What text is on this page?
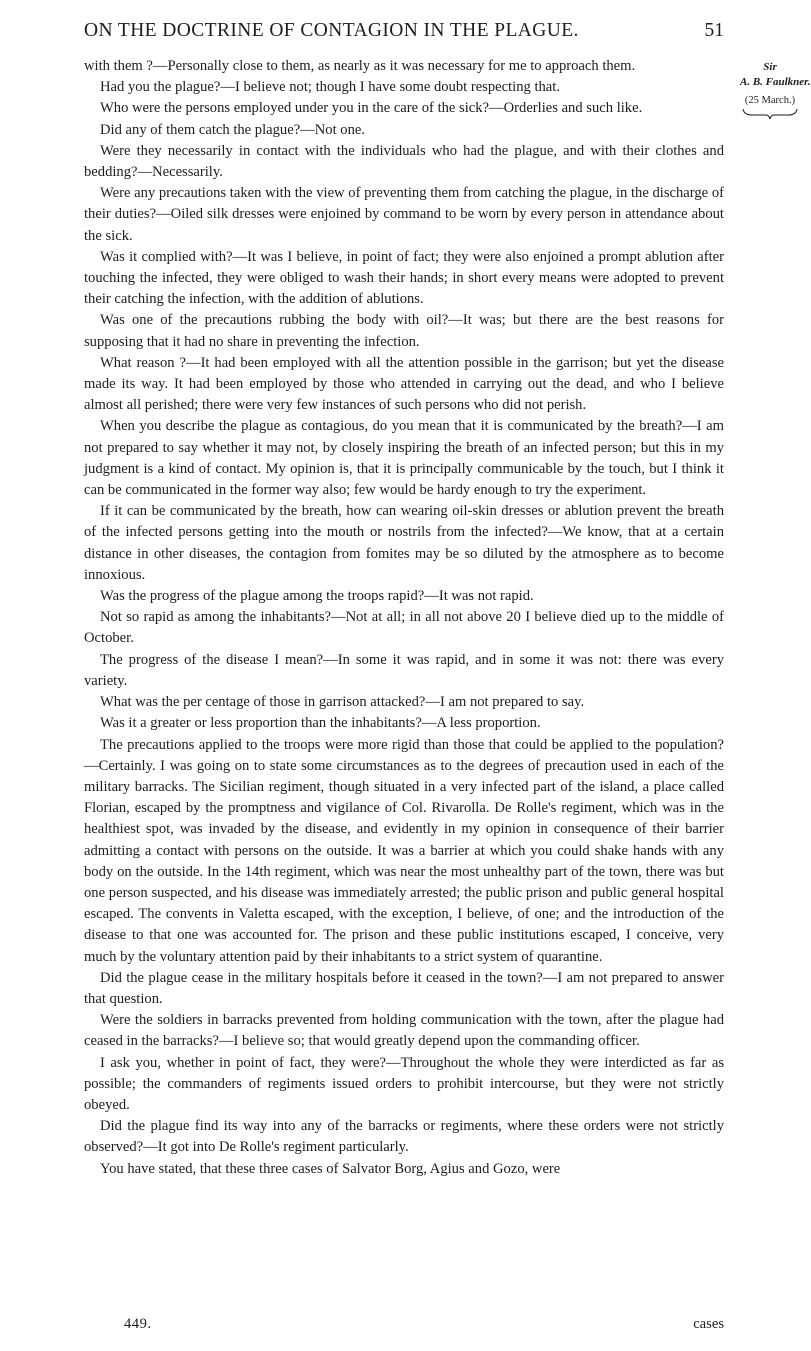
ON THE DOCTRINE OF CONTAGION IN THE PLAGUE.	51
Sir
A. B. Faulkner.
(25 March.)

with them ?—Personally close to them, as nearly as it was necessary for me to approach them.

Had you the plague?—I believe not; though I have some doubt respecting that.

Who were the persons employed under you in the care of the sick?—Orderlies and such like.

Did any of them catch the plague?—Not one.

Were they necessarily in contact with the individuals who had the plague, and with their clothes and bedding?—Necessarily.

Were any precautions taken with the view of preventing them from catching the plague, in the discharge of their duties?—Oiled silk dresses were enjoined by command to be worn by every person in attendance about the sick.

Was it complied with?—It was I believe, in point of fact; they were also enjoined a prompt ablution after touching the infected, they were obliged to wash their hands; in short every means were adopted to prevent their catching the infection, with the addition of ablutions.

Was one of the precautions rubbing the body with oil?—It was; but there are the best reasons for supposing that it had no share in preventing the infection.

What reason ?—It had been employed with all the attention possible in the garrison; but yet the disease made its way. It had been employed by those who attended in carrying out the dead, and who I believe almost all perished; there were very few instances of such persons who did not perish.

When you describe the plague as contagious, do you mean that it is communicated by the breath?—I am not prepared to say whether it may not, by closely inspiring the breath of an infected person; but this in my judgment is a kind of contact. My opinion is, that it is principally communicable by the touch, but I think it can be communicated in the former way also; few would be hardy enough to try the experiment.

If it can be communicated by the breath, how can wearing oil-skin dresses or ablution prevent the breath of the infected persons getting into the mouth or nostrils from the infected?—We know, that at a certain distance in other diseases, the contagion from fomites may be so diluted by the atmosphere as to become innoxious.

Was the progress of the plague among the troops rapid?—It was not rapid.

Not so rapid as among the inhabitants?—Not at all; in all not above 20 I believe died up to the middle of October.

The progress of the disease I mean?—In some it was rapid, and in some it was not: there was every variety.

What was the per centage of those in garrison attacked?—I am not prepared to say.

Was it a greater or less proportion than the inhabitants?—A less proportion.

The precautions applied to the troops were more rigid than those that could be applied to the population?—Certainly. I was going on to state some circumstances as to the degrees of precaution used in each of the military barracks. The Sicilian regiment, though situated in a very infected part of the island, a place called Florian, escaped by the promptness and vigilance of Col. Rivarolla. De Rolle's regiment, which was in the healthiest spot, was invaded by the disease, and evidently in my opinion in consequence of their barrier admitting a contact with persons on the outside. It was a barrier at which you could shake hands with any body on the outside. In the 14th regiment, which was near the most unhealthy part of the town, there was but one person suspected, and his disease was immediately arrested; the public prison and public general hospital escaped. The convents in Valetta escaped, with the exception, I believe, of one; and the introduction of the disease to that one was accounted for. The prison and these public institutions escaped, I conceive, very much by the voluntary attention paid by their inhabitants to a strict system of quarantine.

Did the plague cease in the military hospitals before it ceased in the town?—I am not prepared to answer that question.

Were the soldiers in barracks prevented from holding communication with the town, after the plague had ceased in the barracks?—I believe so; that would greatly depend upon the commanding officer.

I ask you, whether in point of fact, they were?—Throughout the whole they were interdicted as far as possible; the commanders of regiments issued orders to prohibit intercourse, but they were not strictly obeyed.

Did the plague find its way into any of the barracks or regiments, where these orders were not strictly observed?—It got into De Rolle's regiment particularly.

You have stated, that these three cases of Salvator Borg, Agius and Gozo, were

449.	cases
